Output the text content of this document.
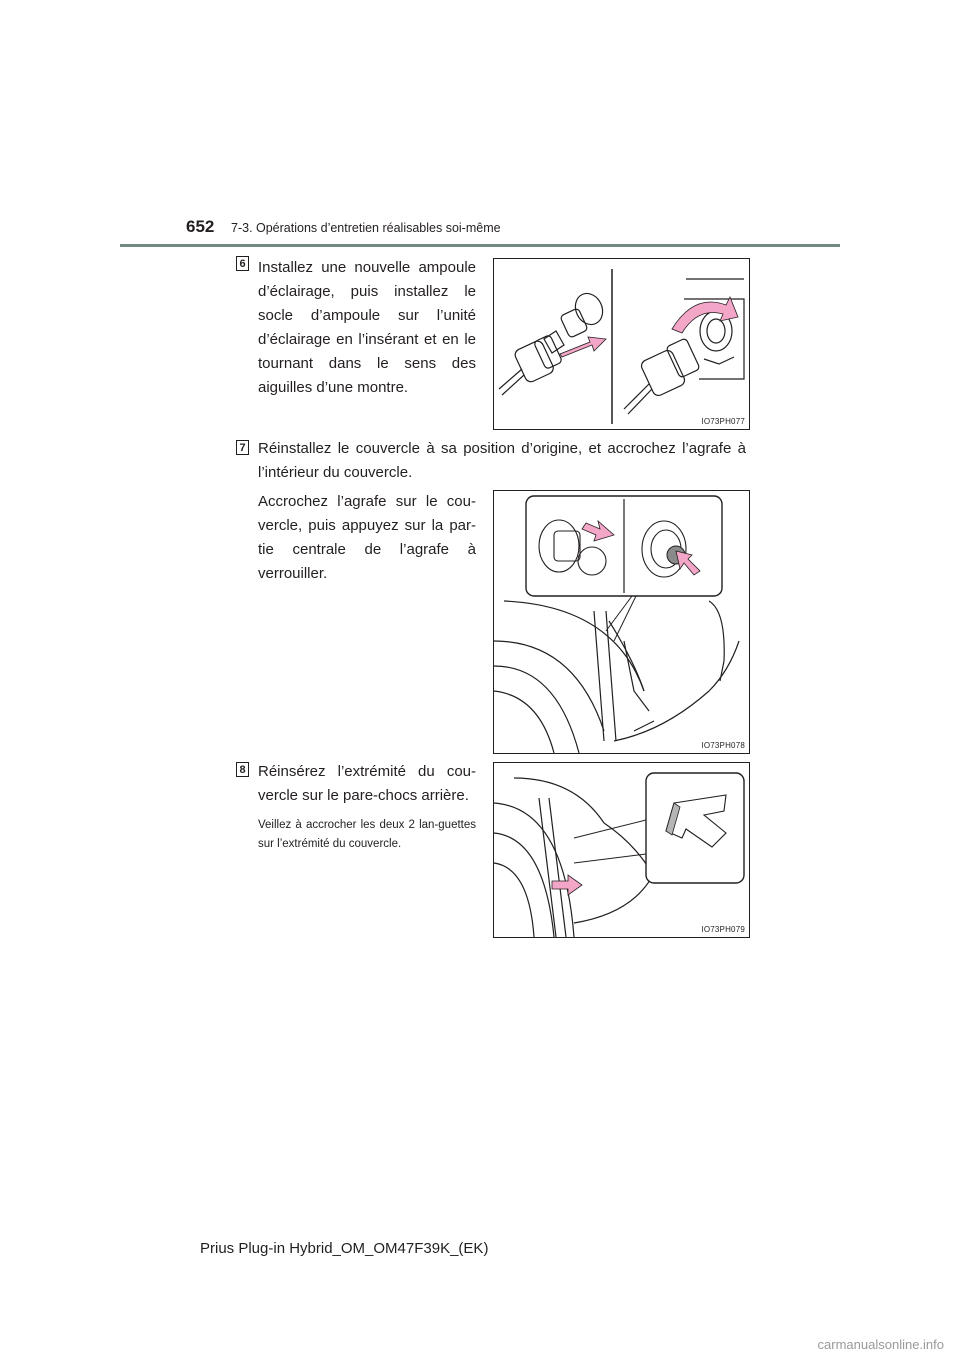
652 7-3. Opérations d’entretien réalisables soi-même
6 Installez une nouvelle ampoule d’éclairage, puis installez le socle d’ampoule sur l’unité d’éclairage en l’insérant et en le tournant dans le sens des aiguilles d’une montre.
IO73PH077
7 Réinstallez le couvercle à sa position d’origine, et accrochez l’agrafe à l’intérieur du couvercle.
Accrochez l’agrafe sur le cou-vercle, puis appuyez sur la par-tie centrale de l’agrafe à verrouiller.
IO73PH078
8 Réinsérez l’extrémité du cou-vercle sur le pare-chocs arrière.
Veillez à accrocher les deux 2 lan-guettes sur l’extrémité du couvercle.
IO73PH079
Prius Plug-in Hybrid_OM_OM47F39K_(EK)
carmanualsonline.info
